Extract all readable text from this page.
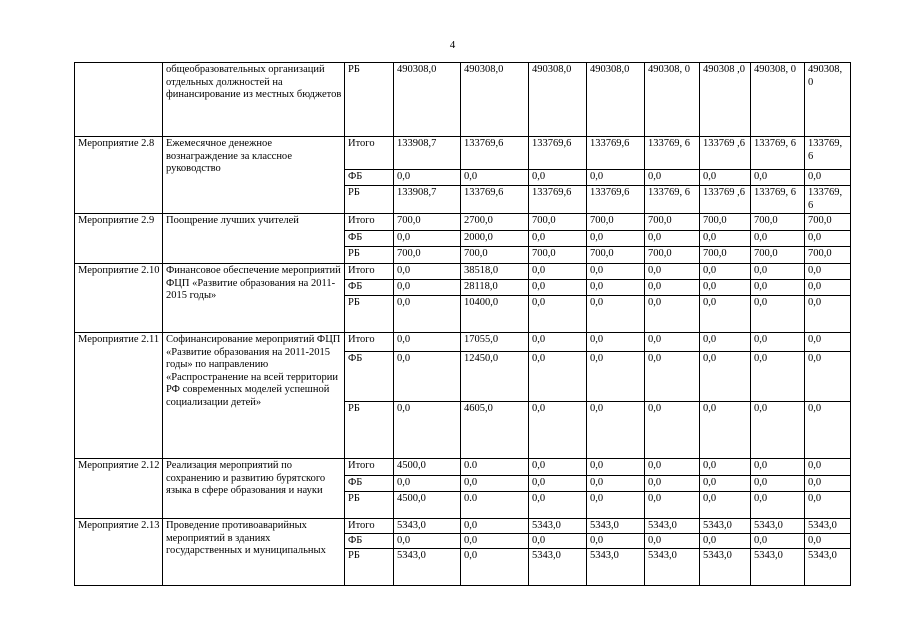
4
	общеобразовательных организаций отдельных должностей на финансирование из местных бюджетов	РБ	490308,0	490308,0	490308,0	490308,0	490308, 0	490308 ,0	490308, 0	490308, 0
Мероприятие 2.8	Ежемесячное денежное вознаграждение за классное руководство	Итого	133908,7	133769,6	133769,6	133769,6	133769, 6	133769 ,6	133769, 6	133769, 6
		ФБ	0,0	0,0	0,0	0,0	0,0	0,0	0,0	0,0
		РБ	133908,7	133769,6	133769,6	133769,6	133769, 6	133769 ,6	133769, 6	133769, 6
Мероприятие 2.9	Поощрение лучших учителей	Итого	700,0	2700,0	700,0	700,0	700,0	700,0	700,0	700,0
		ФБ	0,0	2000,0	0,0	0,0	0,0	0,0	0,0	0,0
		РБ	700,0	700,0	700,0	700,0	700,0	700,0	700,0	700,0
Мероприятие 2.10	Финансовое обеспечение мероприятий ФЦП «Развитие образования на 2011-2015 годы»	Итого	0,0	38518,0	0,0	0,0	0,0	0,0	0,0	0,0
		ФБ	0,0	28118,0	0,0	0,0	0,0	0,0	0,0	0,0
		РБ	0,0	10400,0	0,0	0,0	0,0	0,0	0,0	0,0
Мероприятие 2.11	Софинансирование мероприятий ФЦП «Развитие образования на 2011-2015 годы» по направлению «Распространение на всей территории РФ современных моделей успешной социализации детей»	Итого	0,0	17055,0	0,0	0,0	0,0	0,0	0,0	0,0
		ФБ	0,0	12450,0	0,0	0,0	0,0	0,0	0,0	0,0
		РБ	0,0	4605,0	0,0	0,0	0,0	0,0	0,0	0,0
Мероприятие 2.12	Реализация мероприятий по сохранению и развитию бурятского языка в сфере образования и науки	Итого	4500,0	0.0	0,0	0,0	0,0	0,0	0,0	0,0
		ФБ	0,0	0,0	0,0	0,0	0,0	0,0	0,0	0,0
		РБ	4500,0	0.0	0,0	0,0	0,0	0,0	0,0	0,0
Мероприятие 2.13	Проведение противоаварийных мероприятий в зданиях государственных и муниципальных	Итого	5343,0	0,0	5343,0	5343,0	5343,0	5343,0	5343,0	5343,0
		ФБ	0,0	0,0	0,0	0,0	0,0	0,0	0,0	0,0
		РБ	5343,0	0,0	5343,0	5343,0	5343,0	5343,0	5343,0	5343,0
